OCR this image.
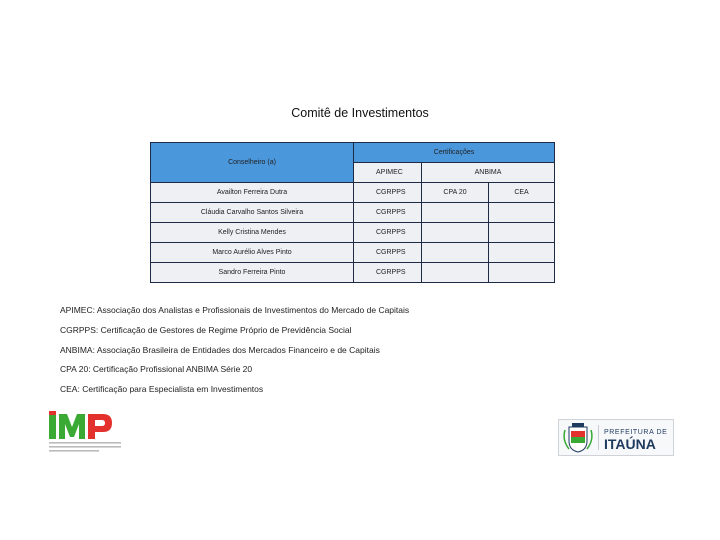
Comitê de Investimentos
Conselheiro (a)	Certificações		
	APIMEC	ANBIMA	
Availton Ferreira Dutra	CGRPPS	CPA 20	CEA
Cláudia Carvalho Santos Silveira	CGRPPS		
Kelly Cristina Mendes	CGRPPS		
Marco Aurélio Alves Pinto	CGRPPS		
Sandro Ferreira Pinto	CGRPPS		

APIMEC: Associação dos Analistas e Profissionais de Investimentos do Mercado de Capitais

CGRPPS: Certificação de Gestores de Regime Próprio de Previdência Social

ANBIMA: Associação Brasileira de Entidades dos Mercados Financeiro e de Capitais

CPA 20: Certificação Profissional ANBIMA Série 20

CEA: Certificação para Especialista em Investimentos

PREFEITURA DE
ITAÚNA
